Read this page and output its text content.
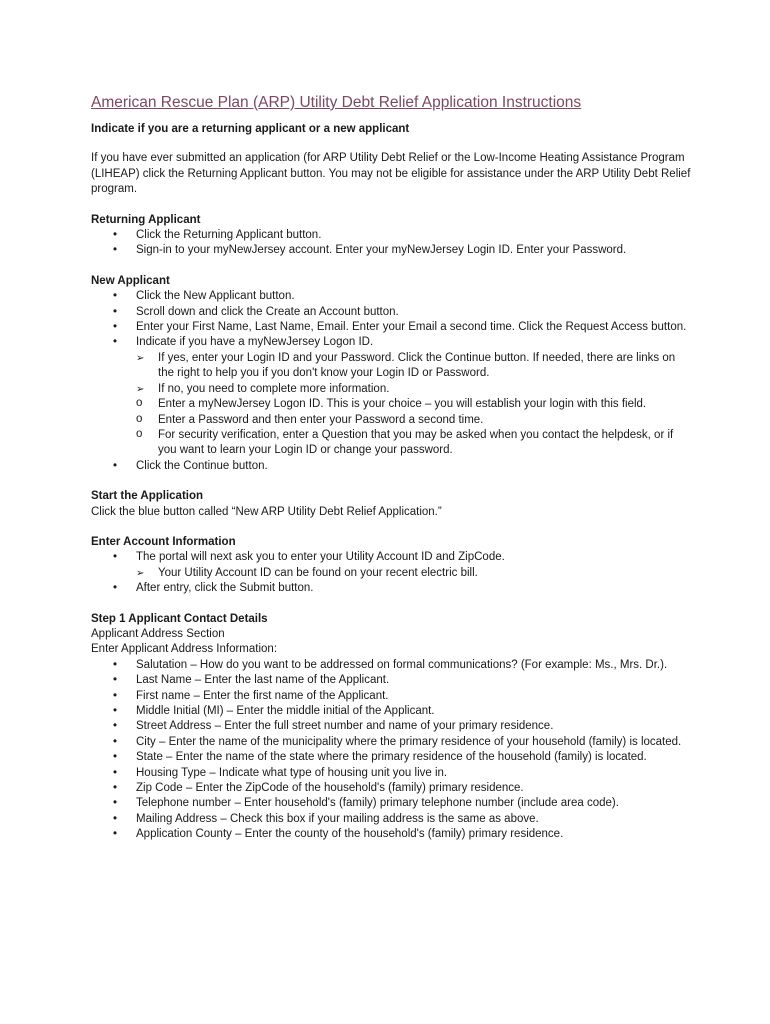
American Rescue Plan (ARP) Utility Debt Relief Application Instructions

Indicate if you are a returning applicant or a new applicant

If you have ever submitted an application (for ARP Utility Debt Relief or the Low-Income Heating Assistance Program (LIHEAP) click the Returning Applicant button. You may not be eligible for assistance under the ARP Utility Debt Relief program.

Returning Applicant

• Click the Returning Applicant button.
• Sign-in to your myNewJersey account. Enter your myNewJersey Login ID. Enter your Password.

New Applicant

• Click the New Applicant button.
• Scroll down and click the Create an Account button.
• Enter your First Name, Last Name, Email. Enter your Email a second time. Click the Request Access button.
• Indicate if you have a myNewJersey Logon ID.
➢ If yes, enter your Login ID and your Password. Click the Continue button. If needed, there are links on the right to help you if you don't know your Login ID or Password.
➢ If no, you need to complete more information.
o Enter a myNewJersey Logon ID. This is your choice – you will establish your login with this field.
o Enter a Password and then enter your Password a second time.
o For security verification, enter a Question that you may be asked when you contact the helpdesk, or if you want to learn your Login ID or change your password.
• Click the Continue button.

Start the Application

Click the blue button called “New ARP Utility Debt Relief Application.”

Enter Account Information

• The portal will next ask you to enter your Utility Account ID and ZipCode.
➢ Your Utility Account ID can be found on your recent electric bill.
• After entry, click the Submit button.

Step 1 Applicant Contact Details

Applicant Address Section

Enter Applicant Address Information:

• Salutation – How do you want to be addressed on formal communications? (For example: Ms., Mrs. Dr.).
• Last Name – Enter the last name of the Applicant.
• First name – Enter the first name of the Applicant.
• Middle Initial (MI) – Enter the middle initial of the Applicant.
• Street Address – Enter the full street number and name of your primary residence.
• City – Enter the name of the municipality where the primary residence of your household (family) is located.
• State – Enter the name of the state where the primary residence of the household (family) is located.
• Housing Type – Indicate what type of housing unit you live in.
• Zip Code – Enter the ZipCode of the household's (family) primary residence.
• Telephone number – Enter household's (family) primary telephone number (include area code).
• Mailing Address – Check this box if your mailing address is the same as above.
• Application County – Enter the county of the household's (family) primary residence.
